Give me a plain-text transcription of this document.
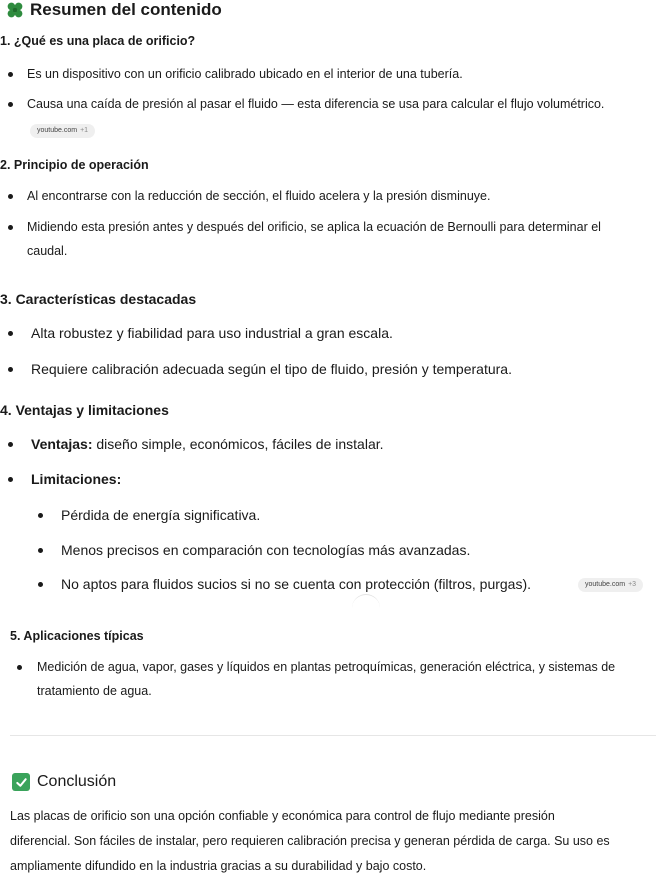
Resumen del contenido
1. ¿Qué es una placa de orificio?
Es un dispositivo con un orificio calibrado ubicado en el interior de una tubería.
Causa una caída de presión al pasar el fluido — esta diferencia se usa para calcular el flujo volumétrico.
youtube.com +1
2. Principio de operación
Al encontrarse con la reducción de sección, el fluido acelera y la presión disminuye.
Midiendo esta presión antes y después del orificio, se aplica la ecuación de Bernoulli para determinar el
caudal.
3. Características destacadas
Alta robustez y fiabilidad para uso industrial a gran escala.
Requiere calibración adecuada según el tipo de fluido, presión y temperatura.
4. Ventajas y limitaciones
Ventajas: diseño simple, económicos, fáciles de instalar.
Limitaciones:
Pérdida de energía significativa.
Menos precisos en comparación con tecnologías más avanzadas.
No aptos para fluidos sucios si no se cuenta con protección (filtros, purgas).	youtube.com +3
5. Aplicaciones típicas
Medición de agua, vapor, gases y líquidos en plantas petroquímicas, generación eléctrica, y sistemas de
tratamiento de agua.
Conclusión
Las placas de orificio son una opción confiable y económica para control de flujo mediante presión
diferencial. Son fáciles de instalar, pero requieren calibración precisa y generan pérdida de carga. Su uso es
ampliamente difundido en la industria gracias a su durabilidad y bajo costo.
